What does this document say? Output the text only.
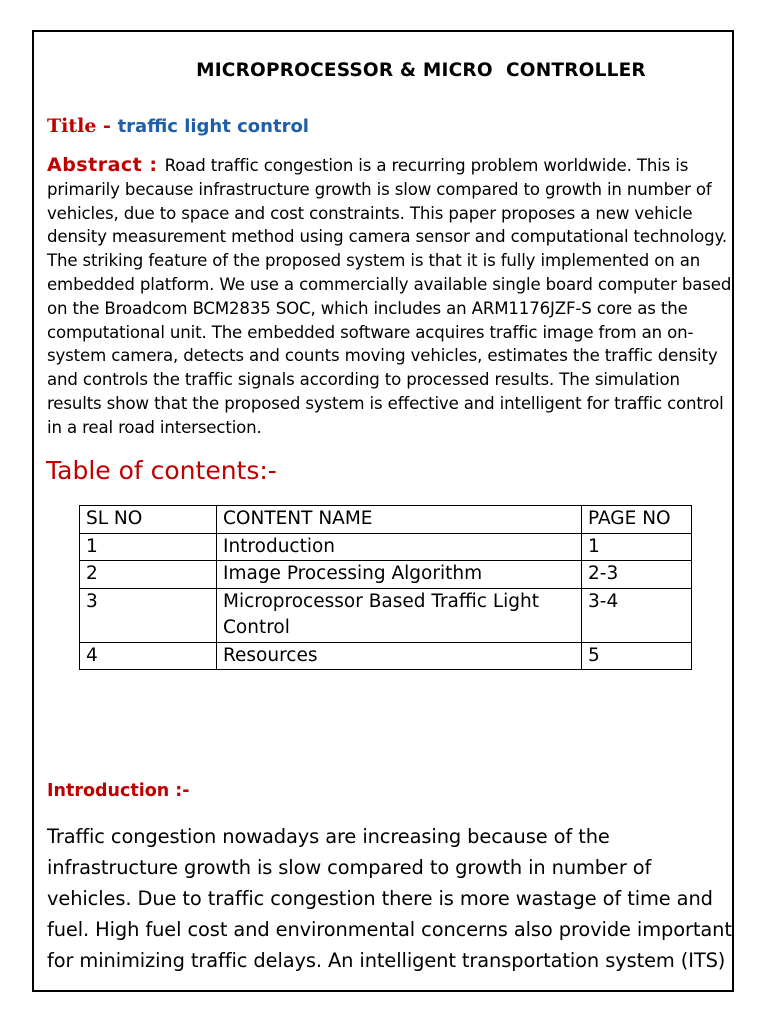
MICROPROCESSOR & MICRO  CONTROLLER
Title - traffic light control
Abstract : Road traffic congestion is a recurring problem worldwide. This is primarily because infrastructure growth is slow compared to growth in number of vehicles, due to space and cost constraints. This paper proposes a new vehicle density measurement method using camera sensor and computational technology. The striking feature of the proposed system is that it is fully implemented on an embedded platform. We use a commercially available single board computer based on the Broadcom BCM2835 SOC, which includes an ARM1176JZF-S core as the computational unit. The embedded software acquires traffic image from an on-system camera, detects and counts moving vehicles, estimates the traffic density and controls the traffic signals according to processed results. The simulation results show that the proposed system is effective and intelligent for traffic control in a real road intersection.
Table of contents:-
SL NO	CONTENT NAME	PAGE NO
1	Introduction	1
2	Image Processing Algorithm	2-3
3	Microprocessor Based Traffic Light Control	3-4
4	Resources	5
Introduction :-
Traffic congestion nowadays are increasing because of the infrastructure growth is slow compared to growth in number of vehicles. Due to traffic congestion there is more wastage of time and fuel. High fuel cost and environmental concerns also provide important for minimizing traffic delays. An intelligent transportation system (ITS)
